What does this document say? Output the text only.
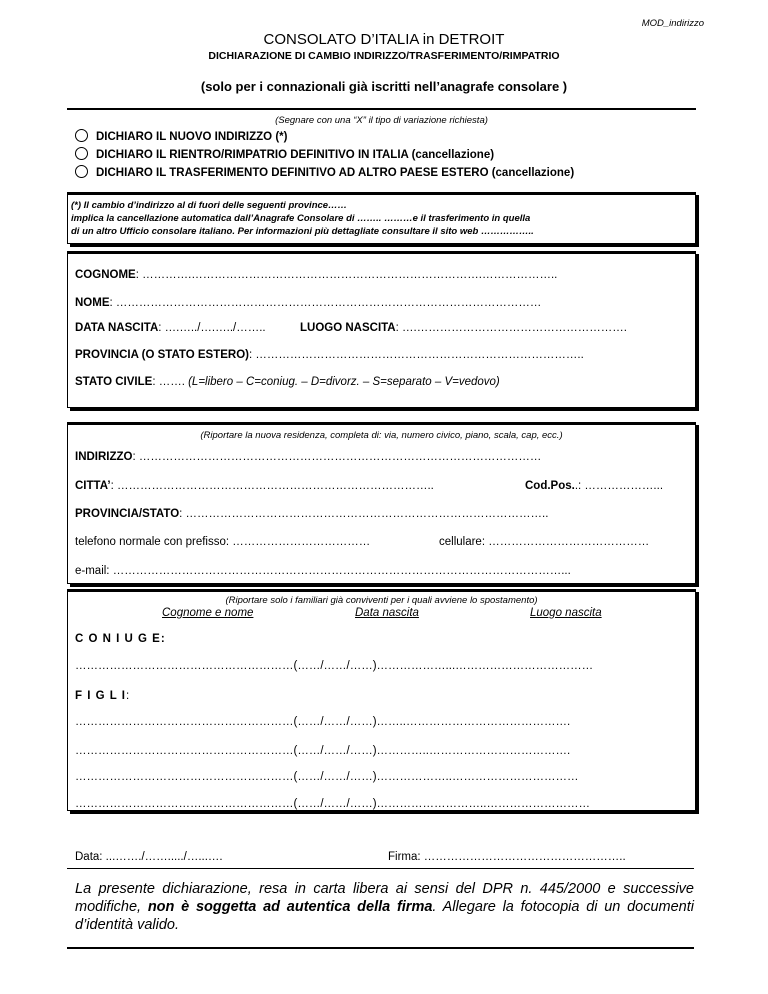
MOD_indirizzo
CONSOLATO D’ITALIA in DETROIT
DICHIARAZIONE DI CAMBIO INDIRIZZO/TRASFERIMENTO/RIMPATRIO
(solo per i connazionali già iscritti nell’anagrafe consolare )
(Segnare con una “X” il tipo di variazione richiesta)
DICHIARO IL NUOVO INDIRIZZO (*)
DICHIARO IL RIENTRO/RIMPATRIO DEFINITIVO IN ITALIA (cancellazione)
DICHIARO IL TRASFERIMENTO DEFINITIVO AD ALTRO PAESE ESTERO (cancellazione)
(*) Il cambio d’indirizzo al di fuori delle seguenti province……
implica la cancellazione automatica dall’Anagrafe Consolare di …….. ………e il trasferimento in quella
di un altro Ufficio consolare italiano. Per informazioni più dettagliate consultare il sito web ……………..
COGNOME: ………….………………………………………………………………….………………..
NOME: …………………………………………………………………………………………………
DATA NASCITA: ….…../….…../……..	LUOGO NASCITA: ….……………………………………………….
PROVINCIA (O STATO ESTERO): …………………………………………………………………………..
STATO CIVILE: ……. (L=libero – C=coniug. – D=divorz. – S=separato – V=vedovo)
(Riportare la nuova residenza, completa di: via, numero civico, piano, scala, cap, ecc.)
INDIRIZZO: ……………………………………………………………………………………………
CITTA’: ………………………………………………………………………..	Cod.Pos..: ………………...
PROVINCIA/STATO: …………………………………………………………………………………..
telefono normale con prefisso: ………………………………	cellulare: ……………………………………
e-mail: ………………………………………………………………………………………………………...
(Riportare solo i familiari già conviventi per i quali avviene lo spostamento)
Cognome e nome	Data nascita	Luogo nascita
C O N I U G E:
…………………………………………………(……/……/……)………………...………………………………
F I G L I:
…………………………………………………(……/……/……)……..…………………………………….
…………………………………………………(……/……/……)…………..……………………………….
…………………………………………………(……/……/……)………………..……………………………
…………………………………………………(……/……/……)………………………..………………………
Data: ...……./……...../…...….	Firma: ……………………………………………..
La presente dichiarazione, resa in carta libera ai sensi del DPR n. 445/2000 e successive modifiche, non è soggetta ad autentica della firma. Allegare la fotocopia di un documenti d’identità valido.
